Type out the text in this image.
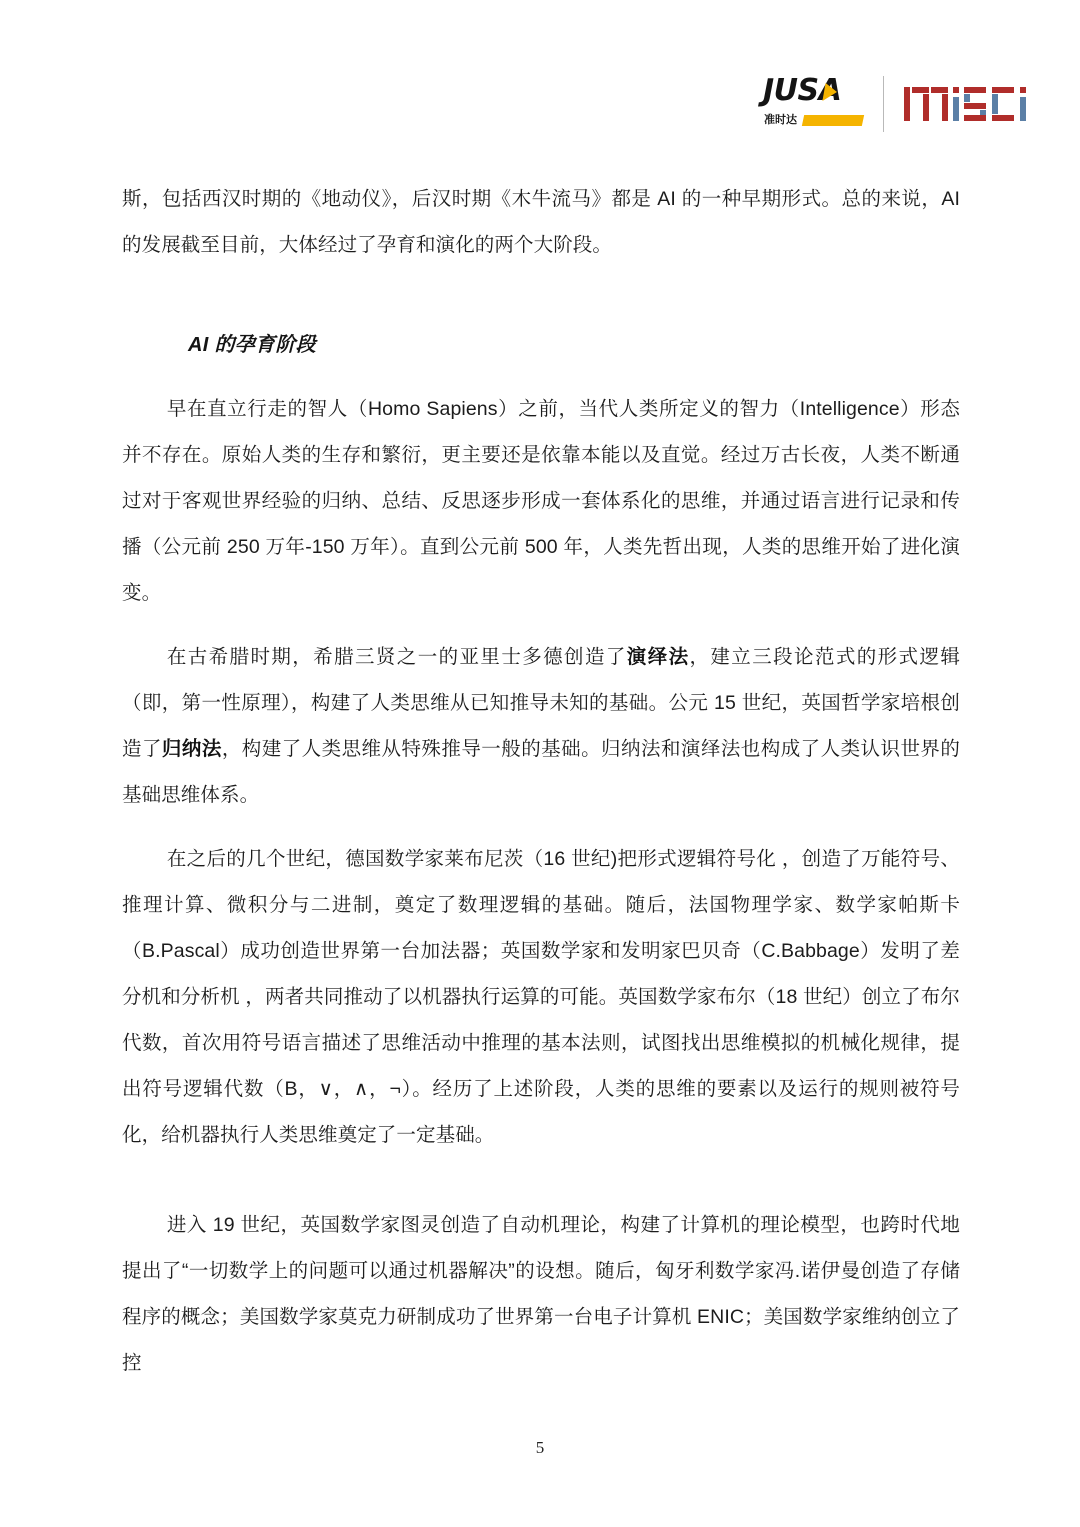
JUSA
准时达

斯，包括西汉时期的《地动仪》，后汉时期《木牛流马》都是 AI 的一种早期形式。总的来说，AI 的发展截至目前，大体经过了孕育和演化的两个大阶段。

AI 的孕育阶段

早在直立行走的智人（Homo Sapiens）之前，当代人类所定义的智力（Intelligence）形态并不存在。原始人类的生存和繁衍，更主要还是依靠本能以及直觉。经过万古长夜，人类不断通过对于客观世界经验的归纳、总结、反思逐步形成一套体系化的思维，并通过语言进行记录和传播（公元前 250 万年-150 万年）。直到公元前 500 年，人类先哲出现，人类的思维开始了进化演变。

在古希腊时期，希腊三贤之一的亚里士多德创造了演绎法，建立三段论范式的形式逻辑（即，第一性原理），构建了人类思维从已知推导未知的基础。公元 15 世纪，英国哲学家培根创造了归纳法，构建了人类思维从特殊推导一般的基础。归纳法和演绎法也构成了人类认识世界的基础思维体系。

在之后的几个世纪，德国数学家莱布尼茨（16 世纪)把形式逻辑符号化 ，创造了万能符号、推理计算、微积分与二进制，奠定了数理逻辑的基础。随后，法国物理学家、数学家帕斯卡（B.Pascal）成功创造世界第一台加法器；英国数学家和发明家巴贝奇（C.Babbage）发明了差分机和分析机 ，两者共同推动了以机器执行运算的可能。英国数学家布尔（18 世纪）创立了布尔代数，首次用符号语言描述了思维活动中推理的基本法则，试图找出思维模拟的机械化规律，提出符号逻辑代数（B，∨，∧，¬）。经历了上述阶段，人类的思维的要素以及运行的规则被符号化，给机器执行人类思维奠定了一定基础。

进入 19 世纪，英国数学家图灵创造了自动机理论，构建了计算机的理论模型，也跨时代地提出了“一切数学上的问题可以通过机器解决”的设想。随后，匈牙利数学家冯.诺伊曼创造了存储程序的概念；美国数学家莫克力研制成功了世界第一台电子计算机 ENIC；美国数学家维纳创立了控

5
